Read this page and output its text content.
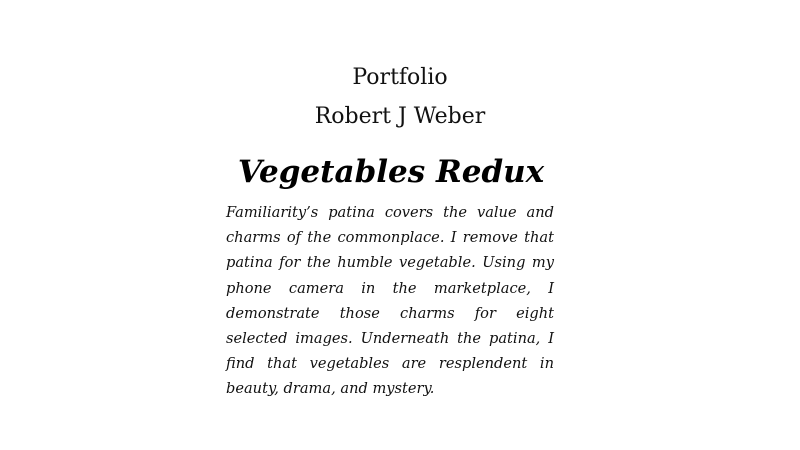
Portfolio
Robert J Weber
Vegetables Redux

Familiarity’s patina covers the value and charms of the commonplace. I remove that patina for the humble vegetable. Using my phone camera in the marketplace, I demonstrate those charms for eight selected images. Underneath the patina, I find that vegetables are resplendent in beauty, drama, and mystery.
